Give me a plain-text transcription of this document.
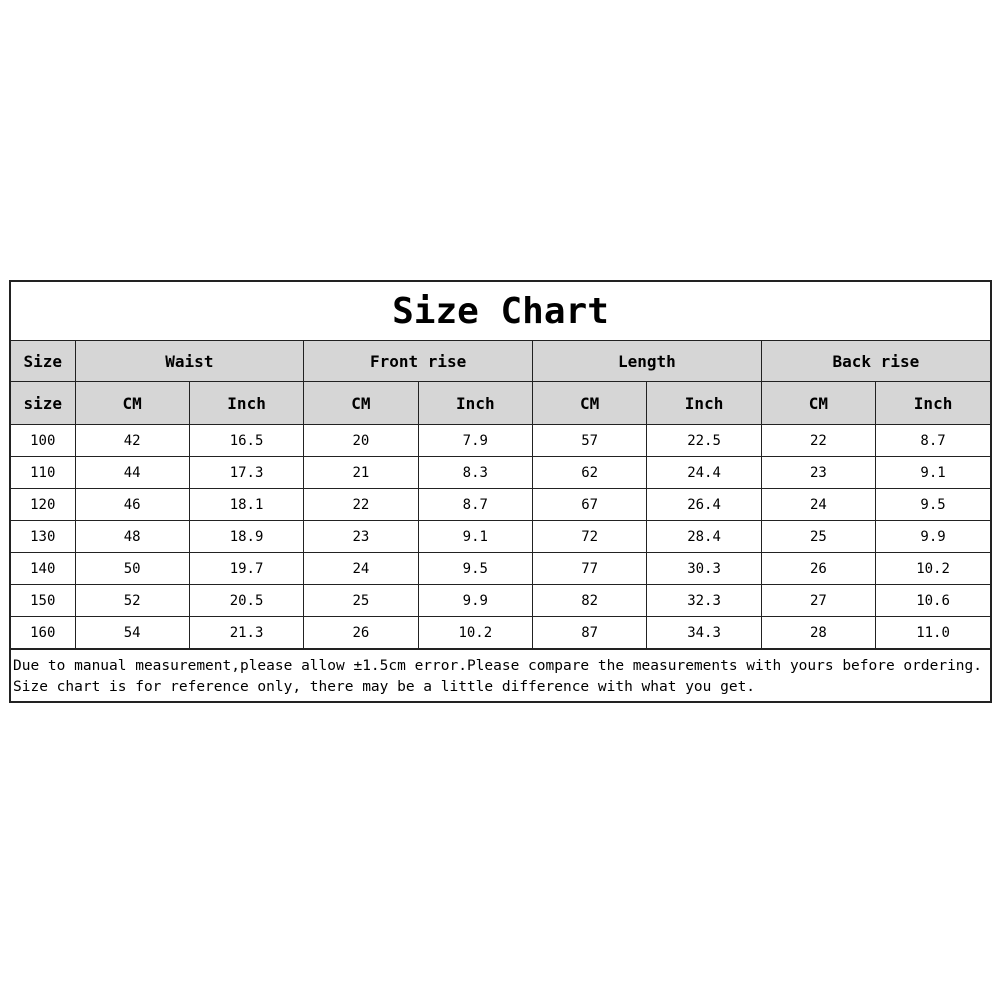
Size Chart
Size	Waist		Front rise		Length		Back rise	
size	CM	Inch	CM	Inch	CM	Inch	CM	Inch
100	42	16.5	20	7.9	57	22.5	22	8.7
110	44	17.3	21	8.3	62	24.4	23	9.1
120	46	18.1	22	8.7	67	26.4	24	9.5
130	48	18.9	23	9.1	72	28.4	25	9.9
140	50	19.7	24	9.5	77	30.3	26	10.2
150	52	20.5	25	9.9	82	32.3	27	10.6
160	54	21.3	26	10.2	87	34.3	28	11.0

Due to manual measurement,please allow ±1.5cm error.Please compare the measurements with yours before ordering.

Size chart is for reference only, there may be a little difference with what you get.
